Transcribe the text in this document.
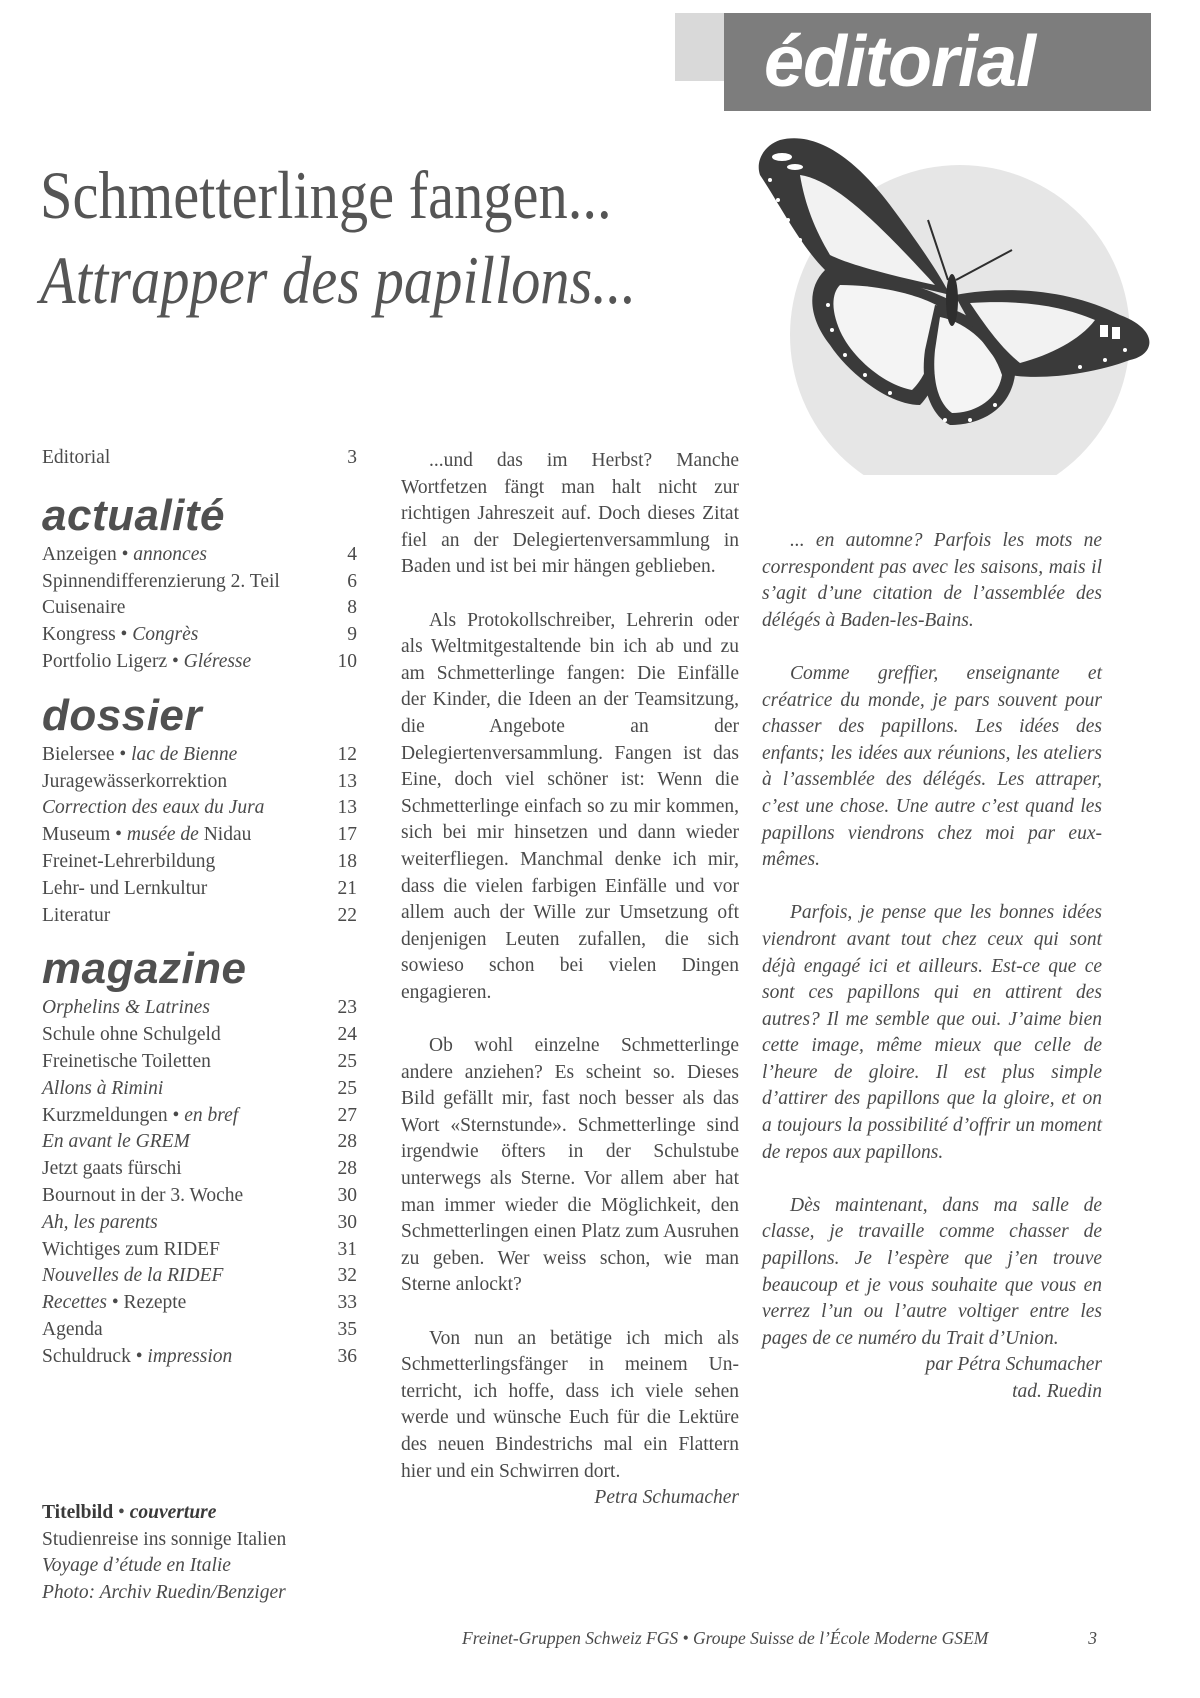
éditorial
Schmetterlinge fangen...
Attrapper des papillons...
Editorial	3
actualité
Anzeigen • annonces	4
Spinnendifferenzierung 2. Teil	6
Cuisenaire	8
Kongress • Congrès	9
Portfolio Ligerz • Gléresse	10
dossier
Bielersee • lac de Bienne	12
Juragewässerkorrektion	13
Correction des eaux du Jura	13
Museum • musée de Nidau	17
Freinet-Lehrerbildung	18
Lehr- und Lernkultur	21
Literatur	22
magazine
Orphelins & Latrines	23
Schule ohne Schulgeld	24
Freinetische Toiletten	25
Allons à Rimini	25
Kurzmeldungen • en bref	27
En avant le GREM	28
Jetzt gaats fürschi	28
Bournout in der 3. Woche	30
Ah, les parents	30
Wichtiges zum RIDEF	31
Nouvelles de la RIDEF	32
Recettes • Rezepte	33
Agenda	35
Schuldruck • impression	36
Titelbild • couverture
Studienreise ins sonnige Italien
Voyage d’étude en Italie
Photo: Archiv Ruedin/Benziger

...und das im Herbst? Manche Wortfetzen fängt man halt nicht zur richtigen Jahreszeit auf. Doch dieses Zitat fiel an der Delegiertenversammlung in Baden und ist bei mir hängen geblieben.

Als Protokollschreiber, Lehrerin oder als Weltmitgestaltende bin ich ab und zu am Schmetterlinge fangen: Die Einfälle der Kinder, die Ideen an der Teamsitzung, die Angebote an der Delegiertenversammlung. Fangen ist das Eine, doch viel schöner ist: Wenn die Schmetterlinge einfach so zu mir kommen, sich bei mir hinsetzen und dann wieder weiterfliegen. Manchmal denke ich mir, dass die vielen farbigen Einfälle und vor allem auch der Wille zur Umsetzung oft denjenigen Leuten zufallen, die sich sowieso schon bei vielen Dingen engagieren.

Ob wohl einzelne Schmetterlinge andere anziehen? Es scheint so. Dieses Bild gefällt mir, fast noch besser als das Wort «Sternstunde». Schmetterlinge sind irgendwie öfters in der Schulstube unterwegs als Sterne. Vor allem aber hat man immer wieder die Möglichkeit, den Schmetterlingen einen Platz zum Ausruhen zu geben. Wer weiss schon, wie man Sterne anlockt?

Von nun an betätige ich mich als Schmetterlingsfänger in meinem Unterricht, ich hoffe, dass ich viele sehen werde und wünsche Euch für die Lektüre des neuen Bindestrichs mal ein Flattern hier und ein Schwirren dort.

Petra Schumacher

... en automne? Parfois les mots ne correspondent pas avec les saisons, mais il s’agit d’une citation de l’assemblée des délégés à Baden-les-Bains.

Comme greffier, enseignante et créatrice du monde, je pars souvent pour chasser des papillons. Les idées des enfants; les idées aux réunions, les ateliers à l’assemblée des délégés. Les attraper, c’est une chose. Une autre c’est quand les papillons viendrons chez moi par eux-mêmes.

Parfois, je pense que les bonnes idées viendront avant tout chez ceux qui sont déjà engagé ici et ailleurs. Est-ce que ce sont ces papillons qui en attirent des autres? Il me semble que oui. J’aime bien cette image, même mieux que celle de l’heure de gloire. Il est plus simple d’attirer des papillons que la gloire, et on a toujours la possibilité d’offrir un moment de repos aux papillons.

Dès maintenant, dans ma salle de classe, je travaille comme chasser de papillons. Je l’espère que j’en trouve beaucoup et je vous souhaite que vous en verrez l’un ou l’autre voltiger entre les pages de ce numéro du Trait d’Union.

par Pétra Schumacher

tad. Ruedin

Freinet-Gruppen Schweiz FGS • Groupe Suisse de l’École Moderne GSEM	3
